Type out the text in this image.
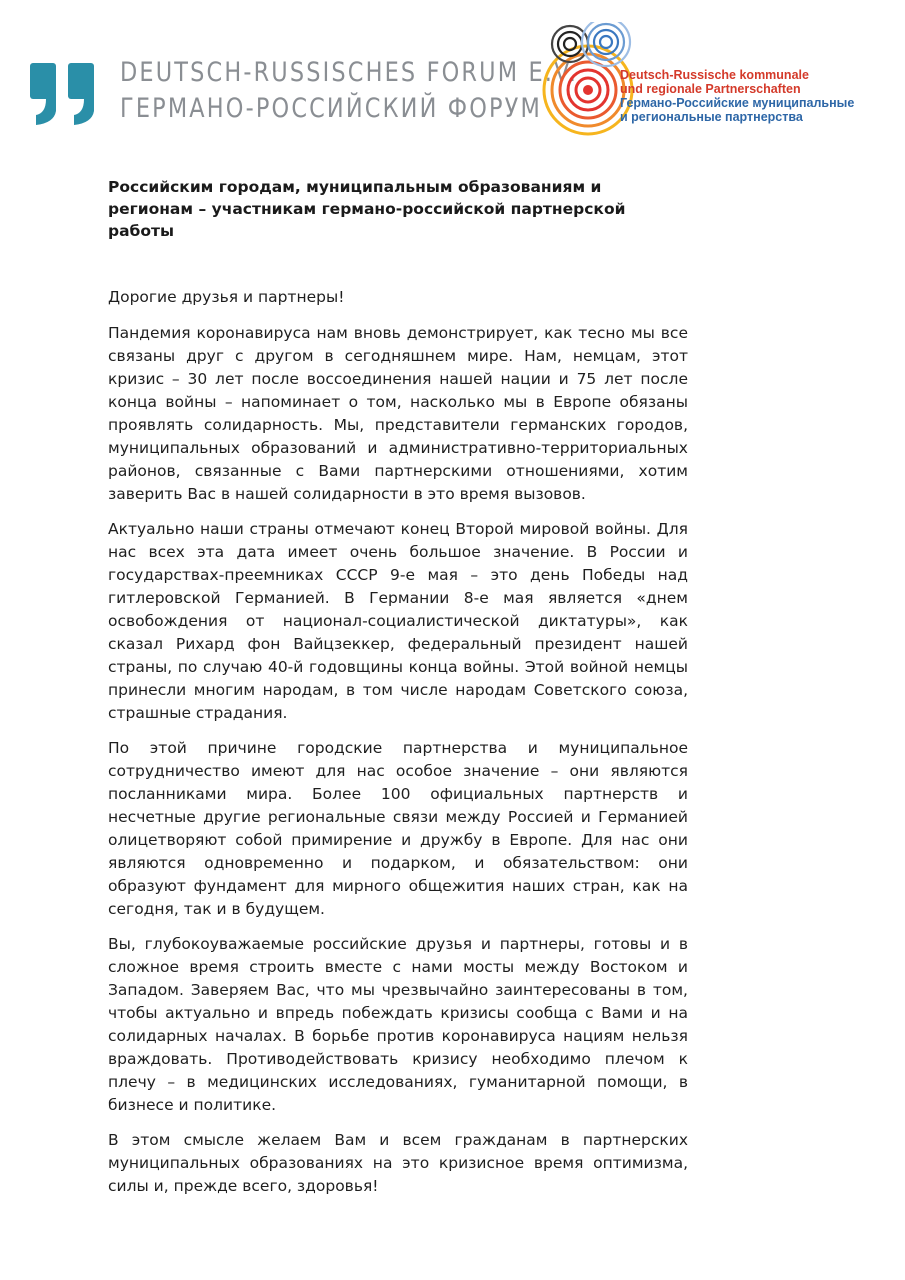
DEUTSCH-RUSSISCHES FORUM E.V.
ГЕРМАНО-РОССИЙСКИЙ ФОРУМ
Deutsch-Russische kommunale
und regionale Partnerschaften
Германо-Российские муниципальные
и региональные партнерства

Российским городам, муниципальным образованиям и регионам – участникам германо-российской партнерской работы

Дорогие друзья и партнеры!

Пандемия коронавируса нам вновь демонстрирует, как тесно мы все связаны друг с другом в сегодняшнем мире. Нам, немцам, этот кризис – 30 лет после воссоединения нашей нации и 75 лет после конца войны – напоминает о том, насколько мы в Европе обязаны проявлять солидарность. Мы, представители германских городов, муниципальных образований и административно-территориальных районов, связанные с Вами партнерскими отношениями, хотим заверить Вас в нашей солидарности в это время вызовов.

Актуально наши страны отмечают конец Второй мировой войны. Для нас всех эта дата имеет очень большое значение. В России и государствах-преемниках СССР 9-е мая – это день Победы над гитлеровской Германией. В Германии 8-е мая является «днем освобождения от национал-социалистической диктатуры», как сказал Рихард фон Вайцзеккер, федеральный президент нашей страны, по случаю 40-й годовщины конца войны. Этой войной немцы принесли многим народам, в том числе народам Советского союза, страшные страдания.

По этой причине городские партнерства и муниципальное сотрудничество имеют для нас особое значение – они являются посланниками мира. Более 100 официальных партнерств и несчетные другие региональные связи между Россией и Германией олицетворяют собой примирение и дружбу в Европе. Для нас они являются одновременно и подарком, и обязательством: они образуют фундамент для мирного общежития наших стран, как на сегодня, так и в будущем.

Вы, глубокоуважаемые российские друзья и партнеры, готовы и в сложное время строить вместе с нами мосты между Востоком и Западом. Заверяем Вас, что мы чрезвычайно заинтересованы в том, чтобы актуально и впредь побеждать кризисы сообща с Вами и на солидарных началах. В борьбе против коронавируса нациям нельзя враждовать. Противодействовать кризису необходимо плечом к плечу – в медицинских исследованиях, гуманитарной помощи, в бизнесе и политике.

В этом смысле желаем Вам и всем гражданам в партнерских муниципальных образованиях на это кризисное время оптимизма, силы и, прежде всего, здоровья!
